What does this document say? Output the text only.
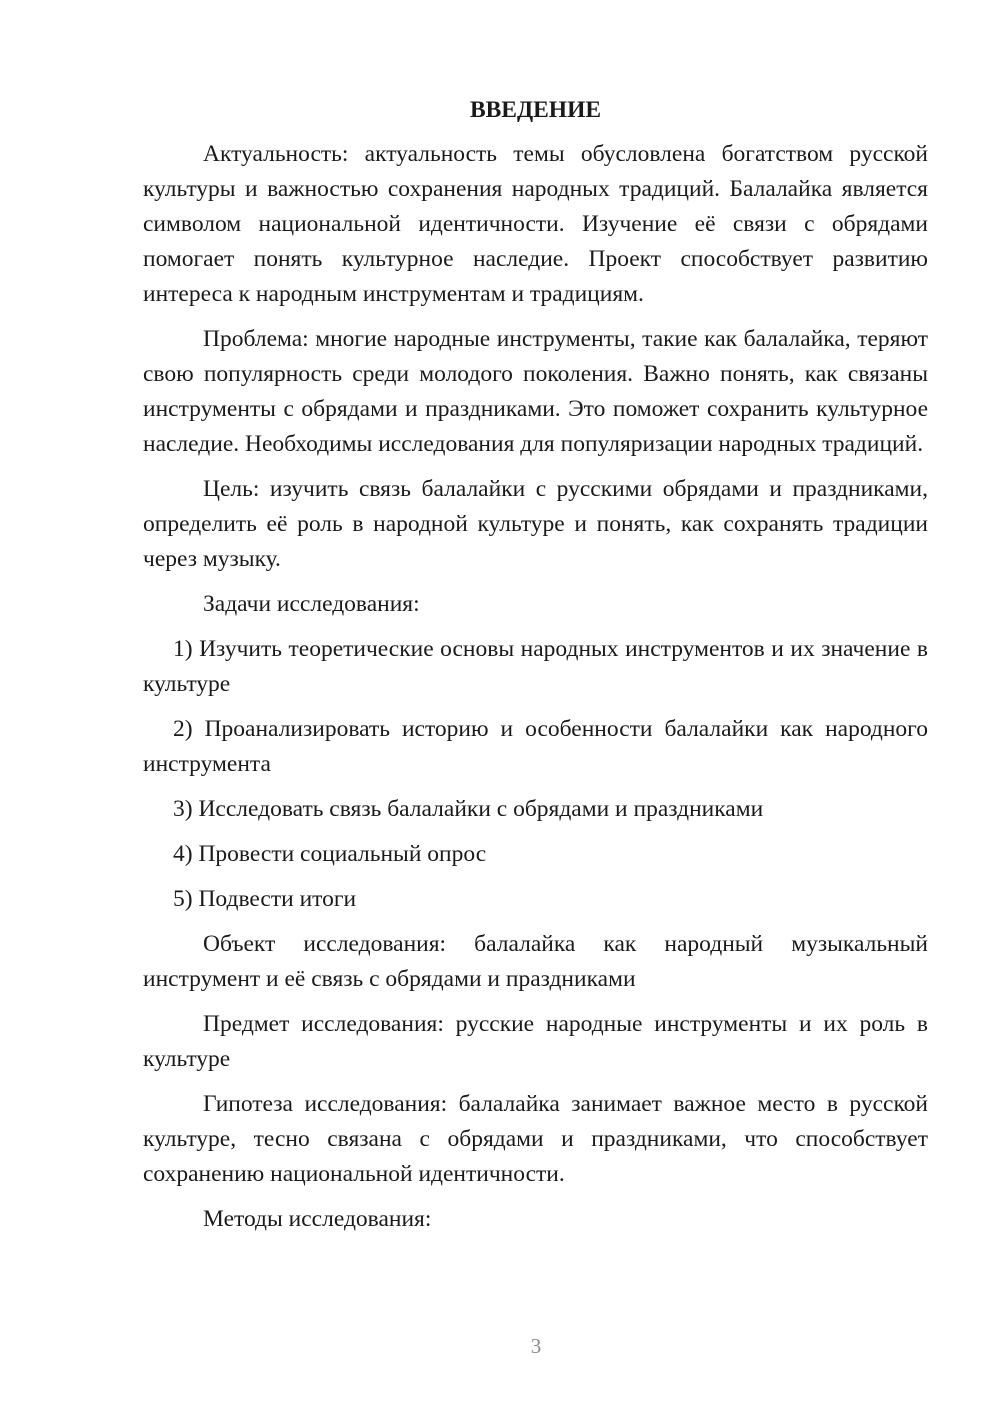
ВВЕДЕНИЕ

Актуальность: актуальность темы обусловлена богатством русской культуры и важностью сохранения народных традиций. Балалайка является символом национальной идентичности. Изучение её связи с обрядами помогает понять культурное наследие. Проект способствует развитию интереса к народным инструментам и традициям.

Проблема: многие народные инструменты, такие как балалайка, теряют свою популярность среди молодого поколения. Важно понять, как связаны инструменты с обрядами и праздниками. Это поможет сохранить культурное наследие. Необходимы исследования для популяризации народных традиций.

Цель: изучить связь балалайки с русскими обрядами и праздниками, определить её роль в народной культуре и понять, как сохранять традиции через музыку.

Задачи исследования:

1) Изучить теоретические основы народных инструментов и их значение в культуре

2) Проанализировать историю и особенности балалайки как народного инструмента

3) Исследовать связь балалайки с обрядами и праздниками

4) Провести социальный опрос

5) Подвести итоги

Объект исследования: балалайка как народный музыкальный инструмент и её связь с обрядами и праздниками

Предмет исследования: русские народные инструменты и их роль в культуре

Гипотеза исследования: балалайка занимает важное место в русской культуре, тесно связана с обрядами и праздниками, что способствует сохранению национальной идентичности.

Методы исследования:

3
